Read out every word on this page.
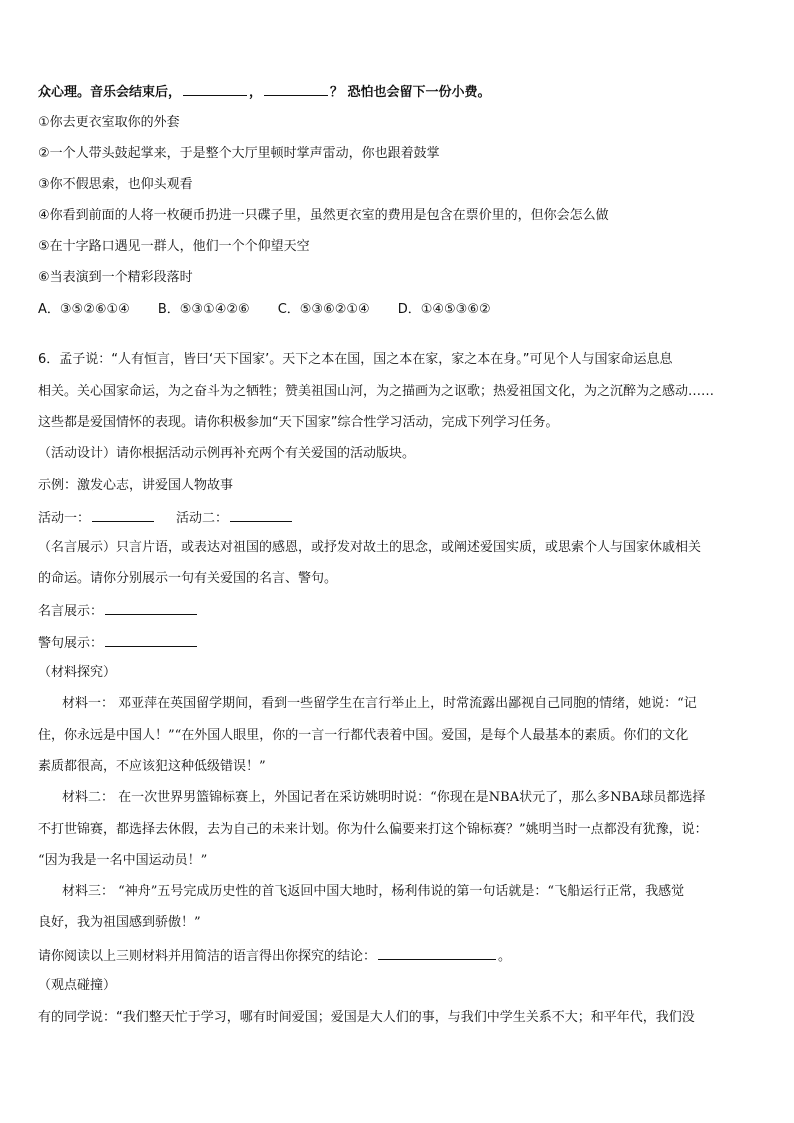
众心理。音乐会结束后，	，	？ 恐怕也会留下一份小费。
①你去更衣室取你的外套
②一个人带头鼓起掌来，于是整个大厅里顿时掌声雷动，你也跟着鼓掌
③你不假思索，也仰头观看
④你看到前面的人将一枚硬币扔进一只碟子里，虽然更衣室的费用是包含在票价里的，但你会怎么做
⑤在十字路口遇见一群人，他们一个个仰望天空
⑥当表演到一个精彩段落时
A．③⑤②⑥①④ B．⑤③①④②⑥ C．⑤③⑥②①④ D．①④⑤③⑥②
6．孟子说：“人有恒言，皆曰‘天下国家’。天下之本在国，国之本在家，家之本在身。”可见个人与国家命运息息
相关。关心国家命运，为之奋斗为之牺牲；赞美祖国山河，为之描画为之讴歌；热爱祖国文化，为之沉醉为之感动……
这些都是爱国情怀的表现。请你积极参加“天下国家”综合性学习活动，完成下列学习任务。
（活动设计）请你根据活动示例再补充两个有关爱国的活动版块。
示例：激发心志，讲爱国人物故事
活动一：	活动二：
（名言展示）只言片语，或表达对祖国的感恩，或抒发对故土的思念，或阐述爱国实质，或思索个人与国家休戚相关
的命运。请你分别展示一句有关爱国的名言、警句。
名言展示：
警句展示：
（材料探究）
材料一： 邓亚萍在英国留学期间，看到一些留学生在言行举止上，时常流露出鄙视自己同胞的情绪，她说：“记
住，你永远是中国人！”“在外国人眼里，你的一言一行都代表着中国。爱国，是每个人最基本的素质。你们的文化
素质都很高，不应该犯这种低级错误！”
材料二： 在一次世界男篮锦标赛上，外国记者在采访姚明时说：“你现在是NBA状元了，那么多NBA球员都选择
不打世锦赛，都选择去休假，去为自己的未来计划。你为什么偏要来打这个锦标赛？”姚明当时一点都没有犹豫，说：
“因为我是一名中国运动员！”
材料三： “神舟”五号完成历史性的首飞返回中国大地时，杨利伟说的第一句话就是：“飞船运行正常，我感觉
良好，我为祖国感到骄傲！”
请你阅读以上三则材料并用简洁的语言得出你探究的结论：	。
（观点碰撞）
有的同学说：“我们整天忙于学习，哪有时间爱国；爱国是大人们的事，与我们中学生关系不大；和平年代，我们没
